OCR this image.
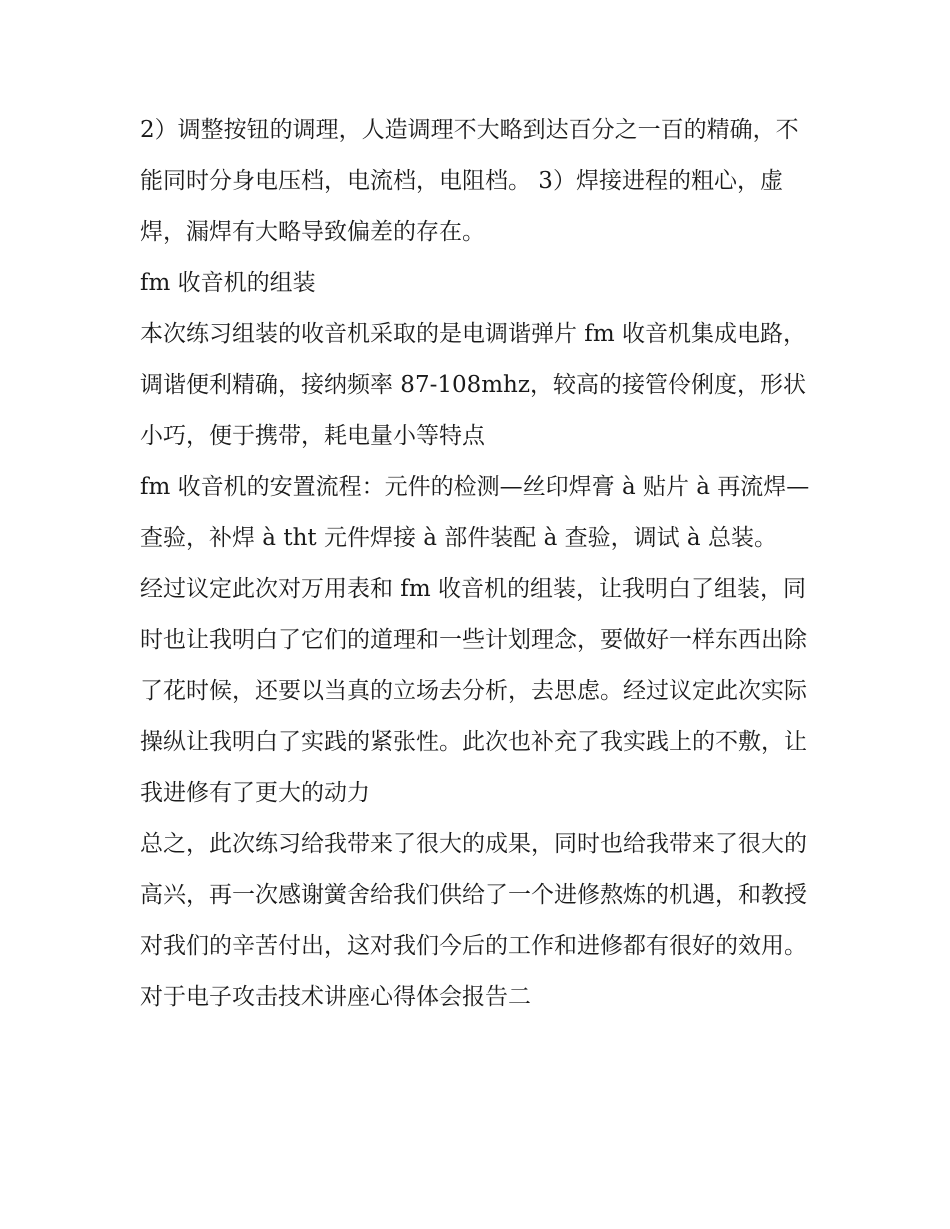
2）调整按钮的调理，人造调理不大略到达百分之一百的精确，不能同时分身电压档，电流档，电阻档。 3）焊接进程的粗心，虚焊，漏焊有大略导致偏差的存在。

fm 收音机的组装

本次练习组装的收音机采取的是电调谐弹片 fm 收音机集成电路，调谐便利精确，接纳频率 87-108mhz，较高的接管伶俐度，形状小巧，便于携带，耗电量小等特点

fm 收音机的安置流程：元件的检测—丝印焊膏 à 贴片 à 再流焊—查验，补焊 à tht 元件焊接 à 部件装配 à 查验，调试 à 总装。

经过议定此次对万用表和 fm 收音机的组装，让我明白了组装，同时也让我明白了它们的道理和一些计划理念，要做好一样东西出除了花时候，还要以当真的立场去分析，去思虑。经过议定此次实际操纵让我明白了实践的紧张性。此次也补充了我实践上的不敷，让我进修有了更大的动力

总之，此次练习给我带来了很大的成果，同时也给我带来了很大的高兴，再一次感谢黉舍给我们供给了一个进修熬炼的机遇，和教授对我们的辛苦付出，这对我们今后的工作和进修都有很好的效用。

对于电子攻击技术讲座心得体会报告二
